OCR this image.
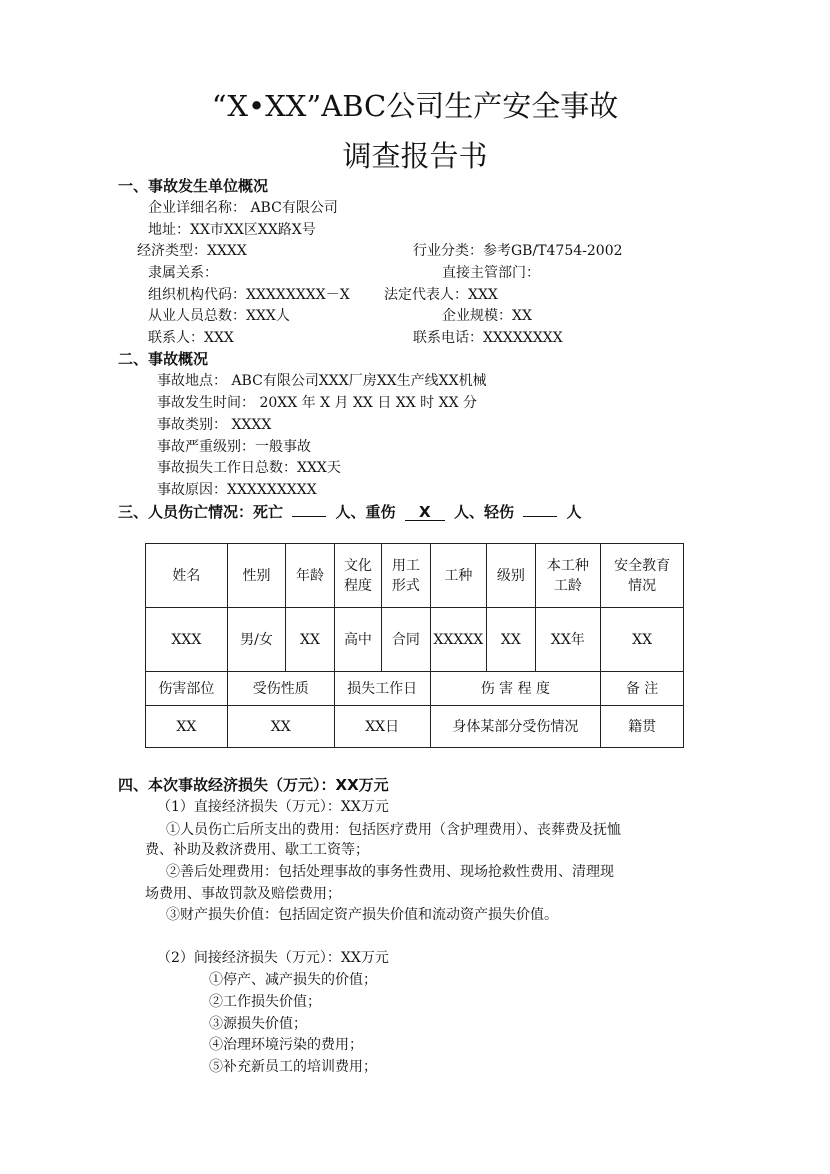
“X•XX”ABC公司生产安全事故
调查报告书
一、事故发生单位概况
企业详细名称： ABC有限公司
地址：XX市XX区XX路X号
经济类型：XXXX	行业分类：参考GB/T4754-2002
隶属关系：	直接主管部门：
组织机构代码：XXXXXXXX－X 法定代表人：XXX
从业人员总数：XXX人	企业规模：XX
联系人：XXX	联系电话：XXXXXXXX
二、事故概况
事故地点： ABC有限公司XXX厂房XX生产线XX机械
事故发生时间： 20XX 年 X 月 XX 日 XX 时 XX 分
事故类别： XXXX
事故严重级别：一般事故
事故损失工作日总数：XXX天
事故原因：XXXXXXXXX
三、人员伤亡情况：死亡	人、重伤 X 人、轻伤	人
姓名	性别	年龄	文化程度	用工形式	工种	级别	本工种工龄	安全教育情况
XXX	男/女	XX	高中	合同	XXXXX	XX	XX年	XX
伤害部位	受伤性质		损失工作日		伤 害 程 度			备 注
XX	XX		XX日		身体某部分受伤情况			籍贯
四、本次事故经济损失（万元）：XX万元
（1）直接经济损失（万元）：XX万元
①人员伤亡后所支出的费用：包括医疗费用（含护理费用）、丧葬费及抚恤
费、补助及救济费用、歇工工资等；
②善后处理费用：包括处理事故的事务性费用、现场抢救性费用、清理现
场费用、事故罚款及赔偿费用；
③财产损失价值：包括固定资产损失价值和流动资产损失价值。
（2）间接经济损失（万元）：XX万元
①停产、减产损失的价值；
②工作损失价值；
③源损失价值；
④治理环境污染的费用；
⑤补充新员工的培训费用；
